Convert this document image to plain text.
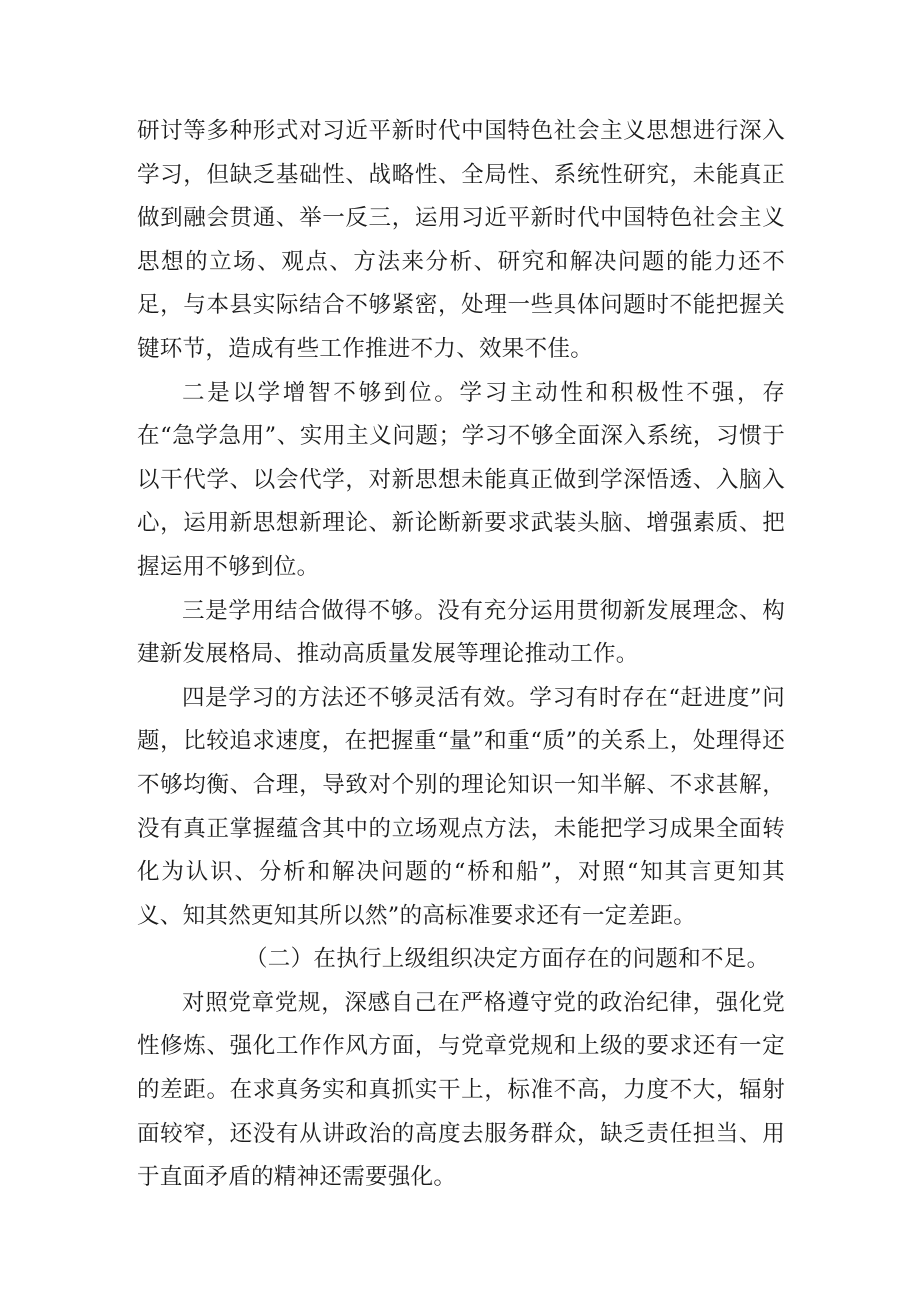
研讨等多种形式对习近平新时代中国特色社会主义思想进行深入学习，但缺乏基础性、战略性、全局性、系统性研究，未能真正做到融会贯通、举一反三，运用习近平新时代中国特色社会主义思想的立场、观点、方法来分析、研究和解决问题的能力还不足，与本县实际结合不够紧密，处理一些具体问题时不能把握关键环节，造成有些工作推进不力、效果不佳。

二是以学增智不够到位。学习主动性和积极性不强，存在“急学急用”、实用主义问题；学习不够全面深入系统，习惯于以干代学、以会代学，对新思想未能真正做到学深悟透、入脑入心，运用新思想新理论、新论断新要求武装头脑、增强素质、把握运用不够到位。

三是学用结合做得不够。没有充分运用贯彻新发展理念、构建新发展格局、推动高质量发展等理论推动工作。

四是学习的方法还不够灵活有效。学习有时存在“赶进度”问题，比较追求速度，在把握重“量”和重“质”的关系上，处理得还不够均衡、合理，导致对个别的理论知识一知半解、不求甚解，没有真正掌握蕴含其中的立场观点方法，未能把学习成果全面转化为认识、分析和解决问题的“桥和船”，对照“知其言更知其义、知其然更知其所以然”的高标准要求还有一定差距。

（二）在执行上级组织决定方面存在的问题和不足。

对照党章党规，深感自己在严格遵守党的政治纪律，强化党性修炼、强化工作作风方面，与党章党规和上级的要求还有一定的差距。在求真务实和真抓实干上，标准不高，力度不大，辐射面较窄，还没有从讲政治的高度去服务群众，缺乏责任担当、用于直面矛盾的精神还需要强化。
